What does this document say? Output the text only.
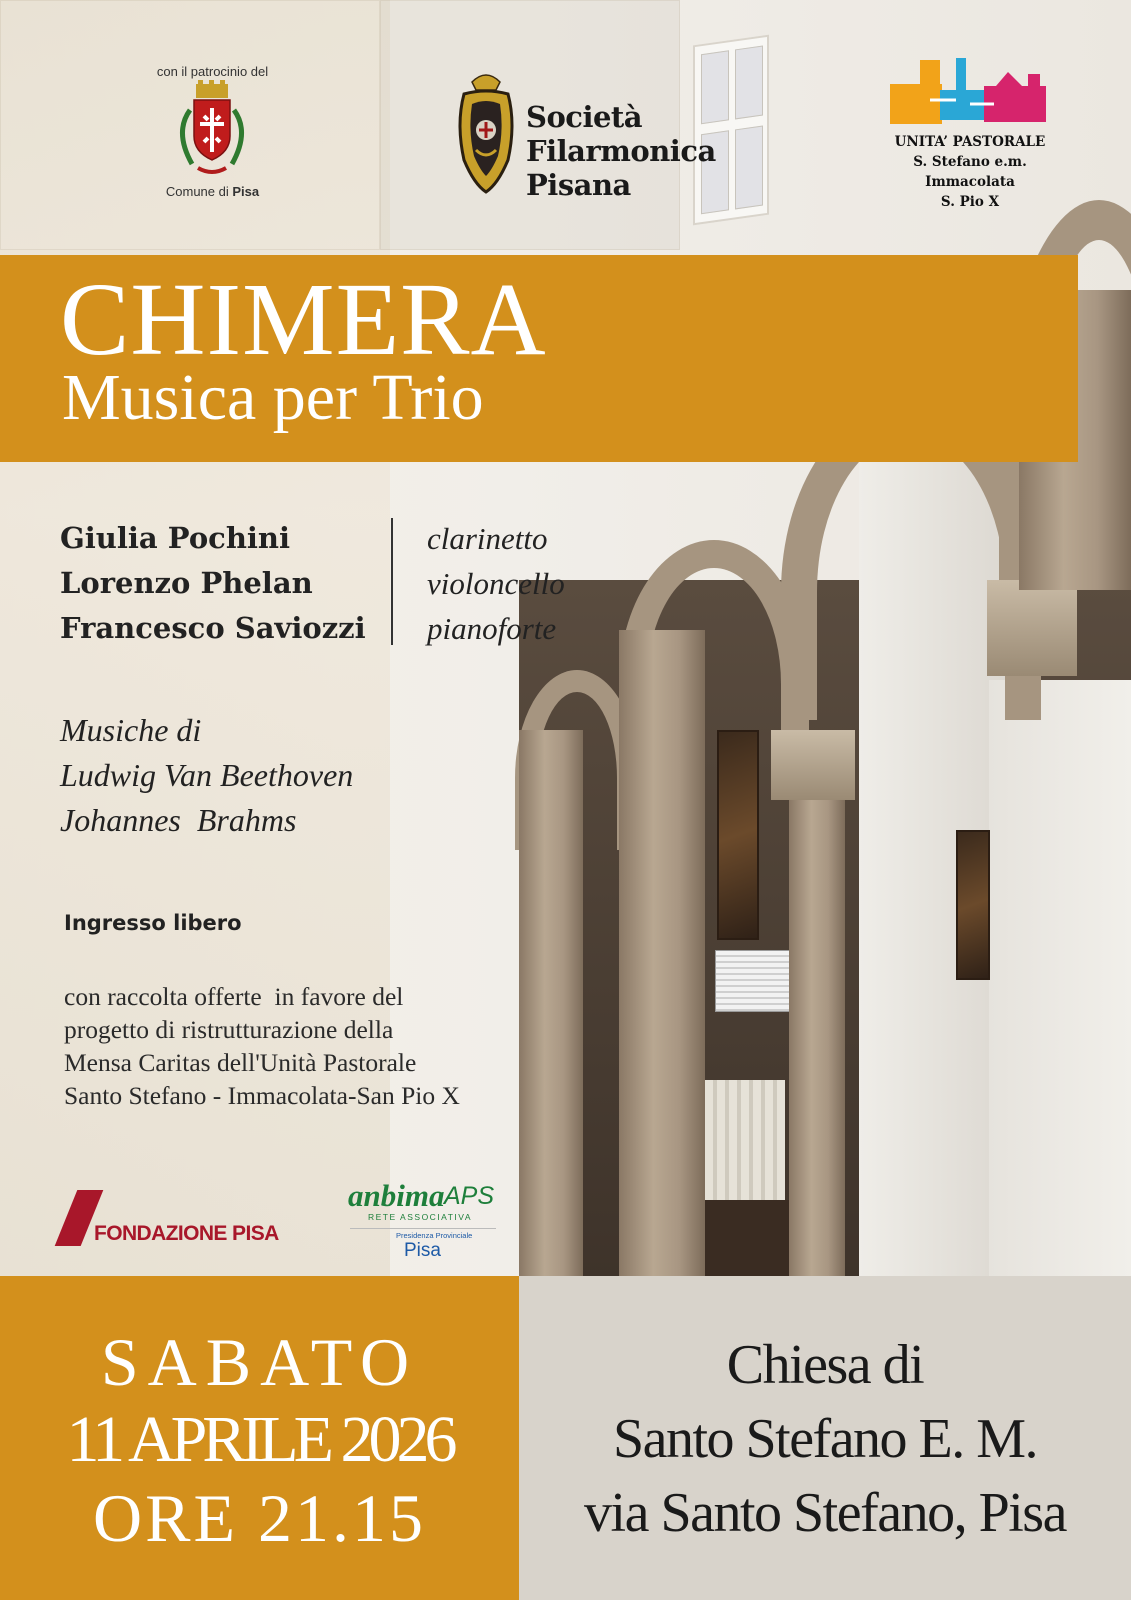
con il patrocinio del
Comune di Pisa
Società
Filarmonica
Pisana
UNITA’ PASTORALE
S. Stefano e.m.
Immacolata
S. Pio X
CHIMERA
Musica per Trio
Giulia Pochini
Lorenzo Phelan
Francesco Saviozzi
clarinetto
violoncello
pianoforte
Musiche di
Ludwig Van Beethoven
Johannes  Brahms
Ingresso libero
con raccolta offerte  in favore del
progetto di ristrutturazione della
Mensa Caritas dell'Unità Pastorale
Santo Stefano - Immacolata-San Pio X
FONDAZIONE PISA
anbima APS
RETE ASSOCIATIVA
Presidenza Provinciale
Pisa
SABATO
11 APRILE 2026
ORE 21.15
Chiesa di
Santo Stefano E. M.
via Santo Stefano, Pisa
